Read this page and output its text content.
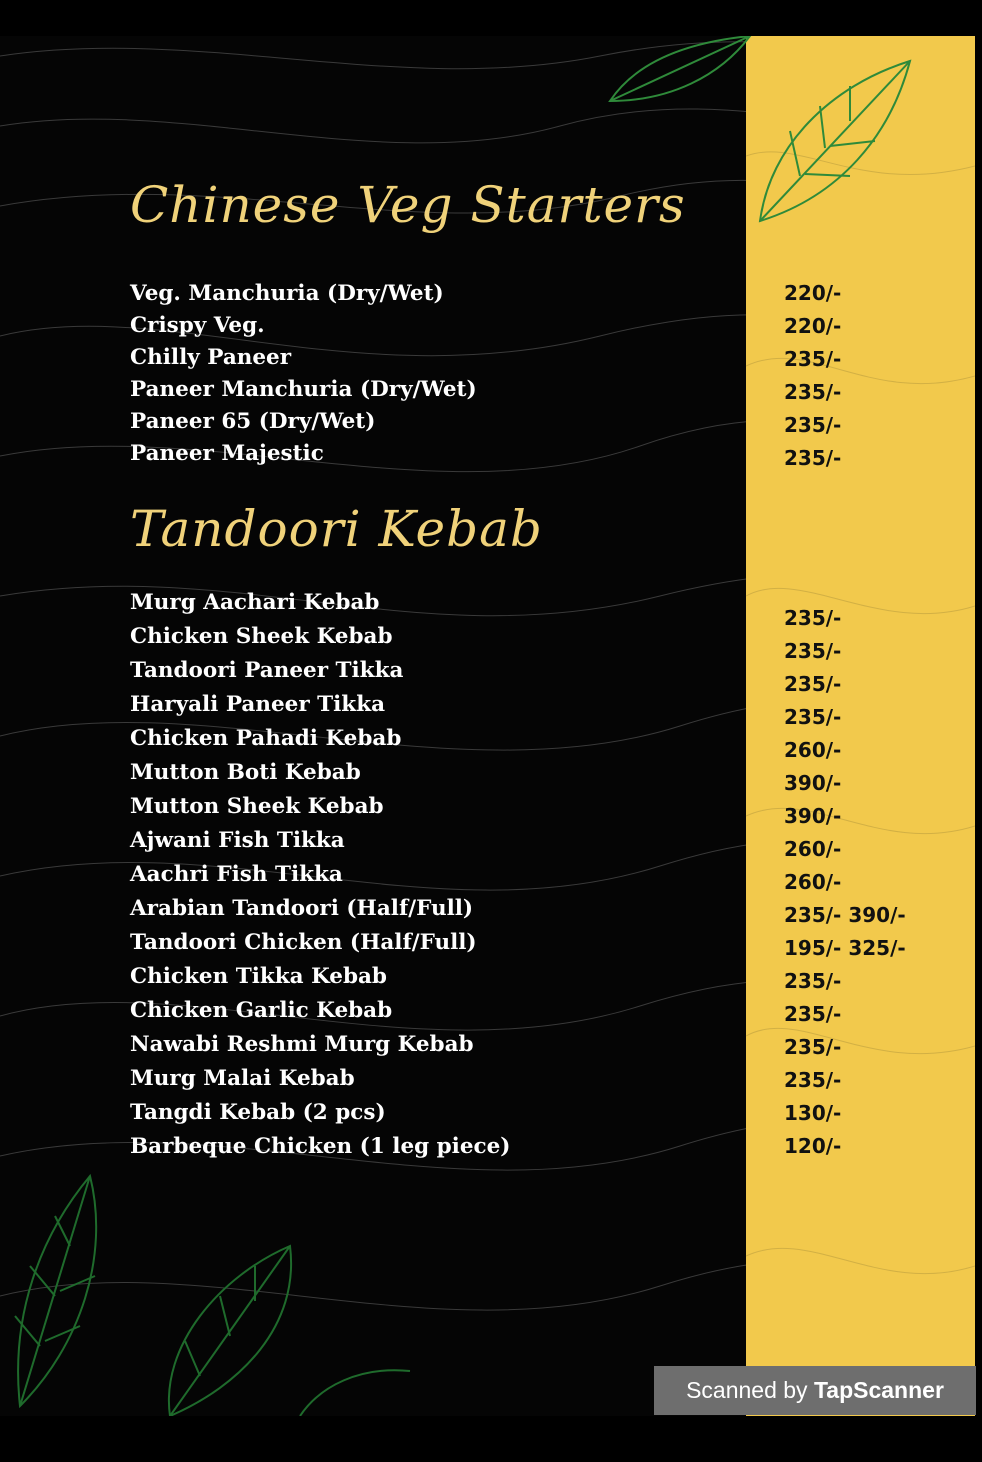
Chinese Veg Starters
Veg. Manchuria (Dry/Wet)
Crispy Veg.
Chilly Paneer
Paneer Manchuria (Dry/Wet)
Paneer 65 (Dry/Wet)
Paneer Majestic
220/-
220/-
235/-
235/-
235/-
235/-
Tandoori Kebab
Murg Aachari Kebab
Chicken Sheek Kebab
Tandoori Paneer Tikka
Haryali Paneer Tikka
Chicken Pahadi Kebab
Mutton Boti Kebab
Mutton Sheek Kebab
Ajwani Fish Tikka
Aachri Fish Tikka
Arabian Tandoori (Half/Full)
Tandoori Chicken (Half/Full)
Chicken Tikka Kebab
Chicken Garlic Kebab
Nawabi Reshmi Murg Kebab
Murg Malai Kebab
Tangdi Kebab (2 pcs)
Barbeque Chicken (1 leg piece)
235/-
235/-
235/-
235/-
260/-
390/-
390/-
260/-
260/-
235/- 390/-
195/- 325/-
235/-
235/-
235/-
235/-
130/-
120/-
Scanned by TapScanner
